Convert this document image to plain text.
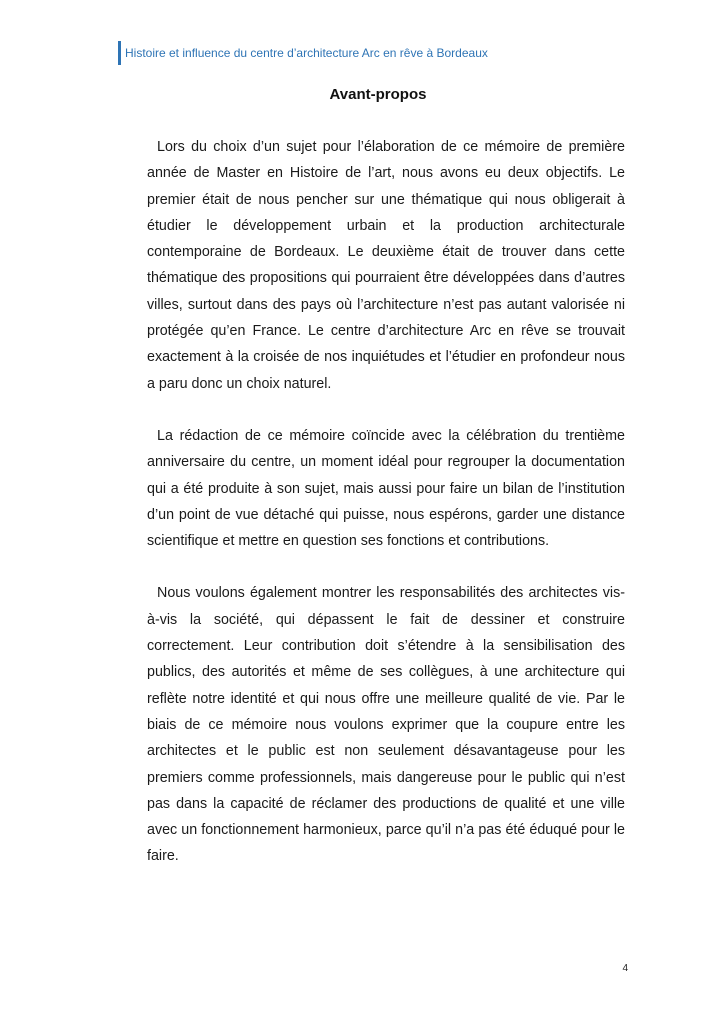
Histoire et influence du centre d’architecture Arc en rêve à Bordeaux
Avant-propos

Lors du choix d’un sujet pour l’élaboration de ce mémoire de première année de Master en Histoire de l’art, nous avons eu deux objectifs. Le premier était de nous pencher sur une thématique qui nous obligerait à étudier le développement urbain et la production architecturale contemporaine de Bordeaux. Le deuxième était de trouver dans cette thématique des propositions qui pourraient être développées dans d’autres villes, surtout dans des pays où l’architecture n’est pas autant valorisée ni protégée qu’en France. Le centre d’architecture Arc en rêve se trouvait exactement à la croisée de nos inquiétudes et l’étudier en profondeur nous a paru donc un choix naturel.

La rédaction de ce mémoire coïncide avec la célébration du trentième anniversaire du centre, un moment idéal pour regrouper la documentation qui a été produite à son sujet, mais aussi pour faire un bilan de l’institution d’un point de vue détaché qui puisse, nous espérons, garder une distance scientifique et mettre en question ses fonctions et contributions.

Nous voulons également montrer les responsabilités des architectes vis-à-vis la société, qui dépassent le fait de dessiner et construire correctement. Leur contribution doit s’étendre à la sensibilisation des publics, des autorités et même de ses collègues, à une architecture qui reflète notre identité et qui nous offre une meilleure qualité de vie. Par le biais de ce mémoire nous voulons exprimer que la coupure entre les architectes et le public est non seulement désavantageuse pour les premiers comme professionnels, mais dangereuse pour le public qui n’est pas dans la capacité de réclamer des productions de qualité et une ville avec un fonctionnement harmonieux, parce qu’il n’a pas été éduqué pour le faire.

4
